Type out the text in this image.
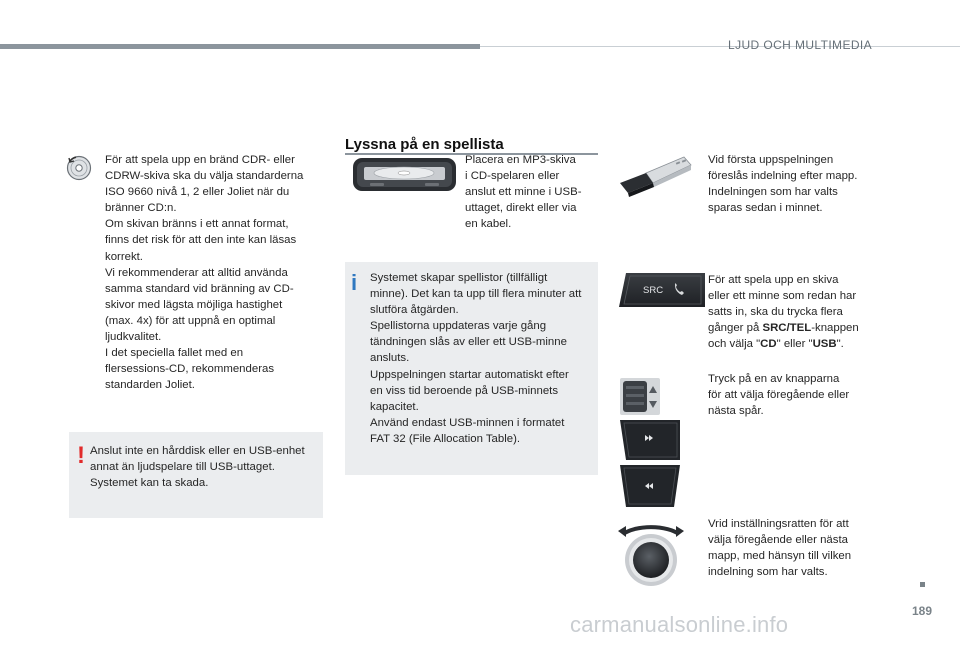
LJUD OCH MULTIMEDIA
För att spela upp en bränd CDR- eller
CDRW-skiva ska du välja standarderna
ISO 9660 nivå 1, 2 eller Joliet när du
bränner CD:n.
Om skivan bränns i ett annat format,
finns det risk för att den inte kan läsas
korrekt.
Vi rekommenderar att alltid använda
samma standard vid bränning av CD-
skivor med lägsta möjliga hastighet
(max. 4x) för att uppnå en optimal
ljudkvalitet.
I det speciella fallet med en
flersessions-CD, rekommenderas
standarden Joliet.
! Anslut inte en hårddisk eller en USB-enhet
annat än ljudspelare till USB-uttaget.
Systemet kan ta skada.
Lyssna på en spellista
Placera en MP3-skiva
i CD-spelaren eller
anslut ett minne i USB-
uttaget, direkt eller via
en kabel.
i Systemet skapar spellistor (tillfälligt
minne). Det kan ta upp till flera minuter att
slutföra åtgärden.
Spellistorna uppdateras varje gång
tändningen slås av eller ett USB-minne
ansluts.
Uppspelningen startar automatiskt efter
en viss tid beroende på USB-minnets
kapacitet.
Använd endast USB-minnen i formatet
FAT 32 (File Allocation Table).
Vid första uppspelningen
föreslås indelning efter mapp.
Indelningen som har valts
sparas sedan i minnet.
SRC
För att spela upp en skiva
eller ett minne som redan har
satts in, ska du trycka flera
gånger på SRC/TEL-knappen
och välja "CD" eller "USB".
Tryck på en av knapparna
för att välja föregående eller
nästa spår.
Vrid inställningsratten för att
välja föregående eller nästa
mapp, med hänsyn till vilken
indelning som har valts.
189
carmanualsonline.info
